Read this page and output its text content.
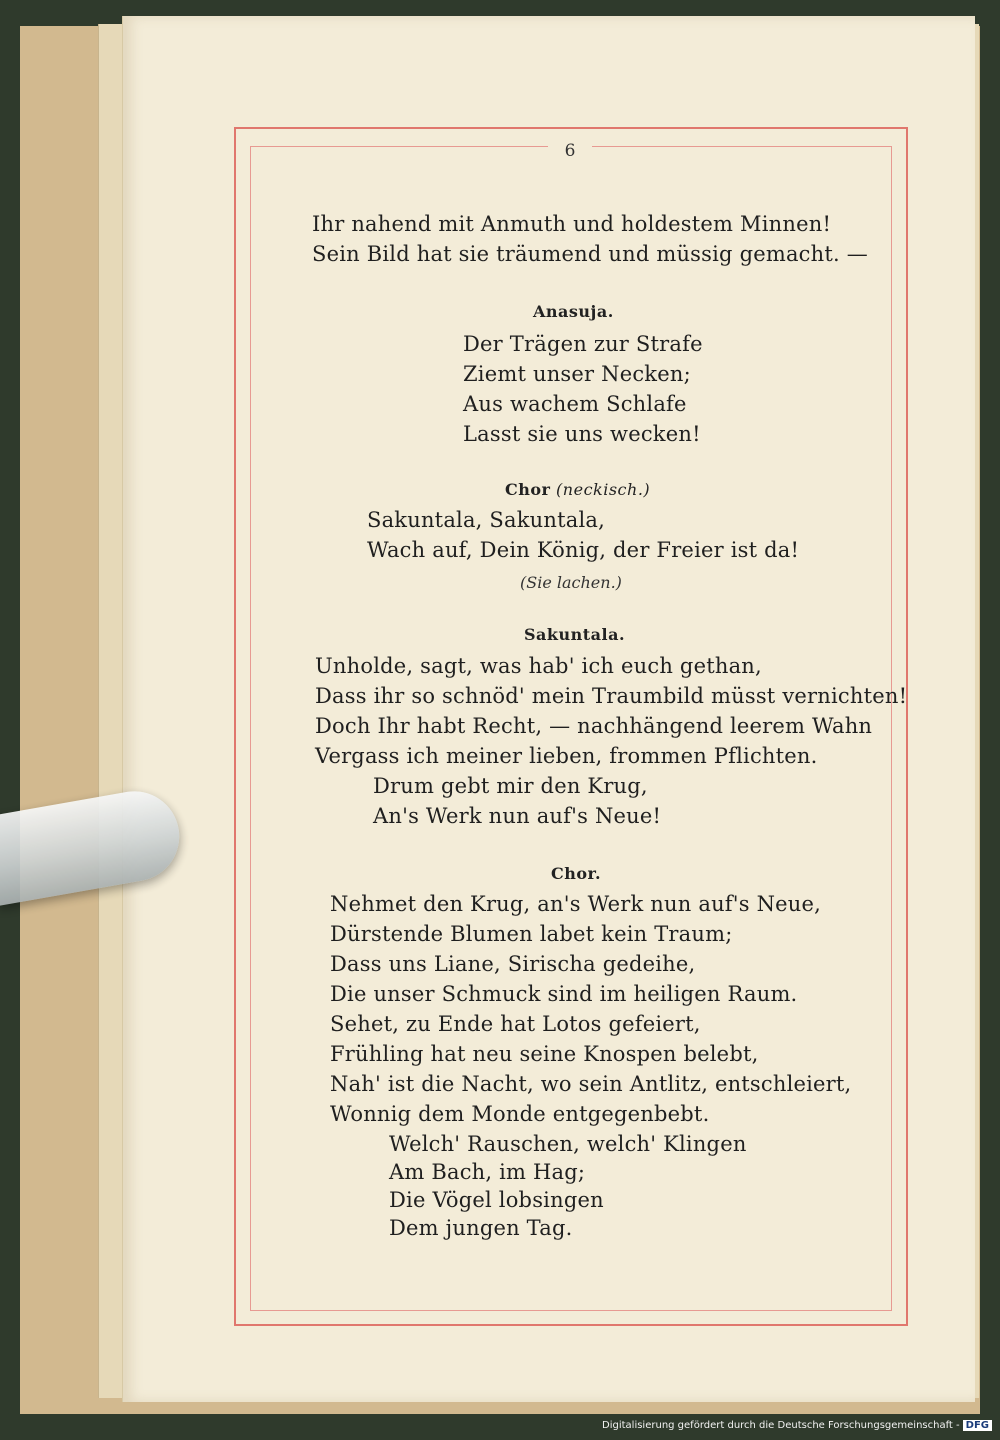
6
Ihr nahend mit Anmuth und holdestem Minnen!
Sein Bild hat sie träumend und müssig gemacht. —
Anasuja.
Der Trägen zur Strafe
Ziemt unser Necken;
Aus wachem Schlafe
Lasst sie uns wecken!
Chor (neckisch.)
Sakuntala, Sakuntala,
Wach auf, Dein König, der Freier ist da!
(Sie lachen.)
Sakuntala.
Unholde, sagt, was hab' ich euch gethan,
Dass ihr so schnöd' mein Traumbild müsst vernichten!
Doch Ihr habt Recht, — nachhängend leerem Wahn
Vergass ich meiner lieben, frommen Pflichten.
Drum gebt mir den Krug,
An's Werk nun auf's Neue!
Chor.
Nehmet den Krug, an's Werk nun auf's Neue,
Dürstende Blumen labet kein Traum;
Dass uns Liane, Sirischa gedeihe,
Die unser Schmuck sind im heiligen Raum.
Sehet, zu Ende hat Lotos gefeiert,
Frühling hat neu seine Knospen belebt,
Nah' ist die Nacht, wo sein Antlitz, entschleiert,
Wonnig dem Monde entgegenbebt.
Welch' Rauschen, welch' Klingen
Am Bach, im Hag;
Die Vögel lobsingen
Dem jungen Tag.
Digitalisierung gefördert durch die Deutsche Forschungsgemeinschaft - DFG
